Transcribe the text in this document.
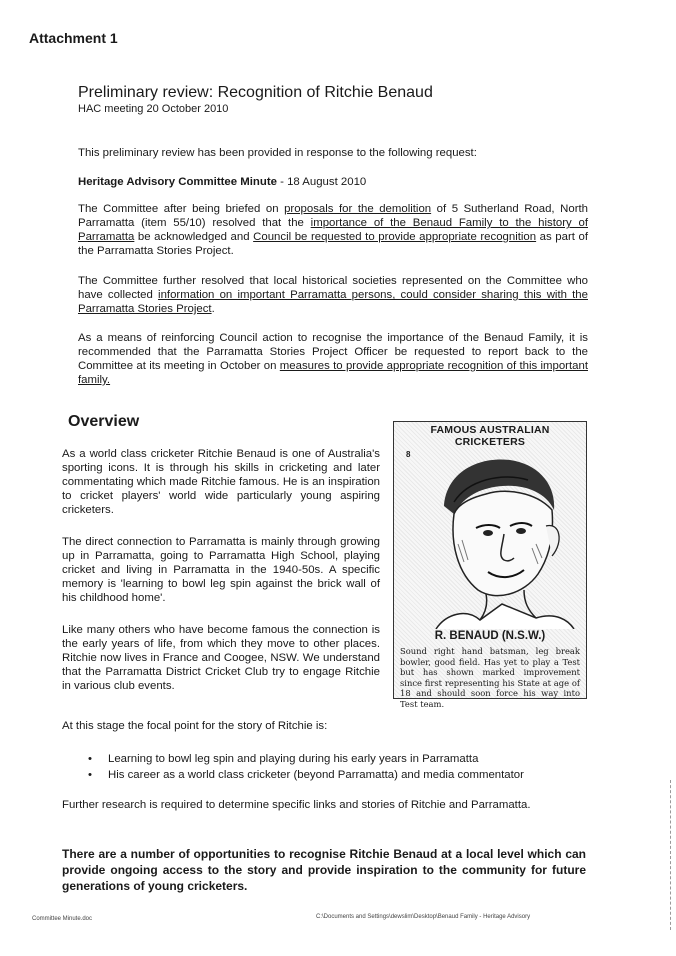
Attachment 1
Preliminary review: Recognition of Ritchie Benaud
HAC meeting 20 October 2010
This preliminary review has been provided in response to the following request:
Heritage Advisory Committee Minute - 18 August 2010
The Committee after being briefed on proposals for the demolition of 5 Sutherland Road, North Parramatta (item 55/10) resolved that the importance of the Benaud Family to the history of Parramatta be acknowledged and Council be requested to provide appropriate recognition as part of the Parramatta Stories Project.
The Committee further resolved that local historical societies represented on the Committee who have collected information on important Parramatta persons, could consider sharing this with the Parramatta Stories Project.
As a means of reinforcing Council action to recognise the importance of the Benaud Family, it is recommended that the Parramatta Stories Project Officer be requested to report back to the Committee at its meeting in October on measures to provide appropriate recognition of this important family.
Overview
As a world class cricketer Ritchie Benaud is one of Australia's sporting icons. It is through his skills in cricketing and later commentating which made Ritchie famous. He is an inspiration to cricket players' world wide particularly young aspiring cricketers.
The direct connection to Parramatta is mainly through growing up in Parramatta, going to Parramatta High School, playing cricket and living in Parramatta in the 1940-50s. A specific memory is 'learning to bowl leg spin against the brick wall of his childhood home'.
Like many others who have become famous the connection is the early years of life, from which they move to other places. Ritchie now lives in France and Coogee, NSW. We understand that the Parramatta District Cricket Club try to engage Ritchie in various club events.
FAMOUS AUSTRALIAN CRICKETERS
8
R. BENAUD (N.S.W.)
Sound right hand batsman, leg break bowler, good field. Has yet to play a Test but has shown marked improvement since first representing his State at age of 18 and should soon force his way into Test team.
At this stage the focal point for the story of Ritchie is:
• Learning to bowl leg spin and playing during his early years in Parramatta
• His career as a world class cricketer (beyond Parramatta) and media commentator
Further research is required to determine specific links and stories of Ritchie and Parramatta.
There are a number of opportunities to recognise Ritchie Benaud at a local level which can provide ongoing access to the story and provide inspiration to the community for future generations of young cricketers.
Committee Minute.doc	C:\Documents and Settings\dewslim\Desktop\Benaud Family - Heritage Advisory
